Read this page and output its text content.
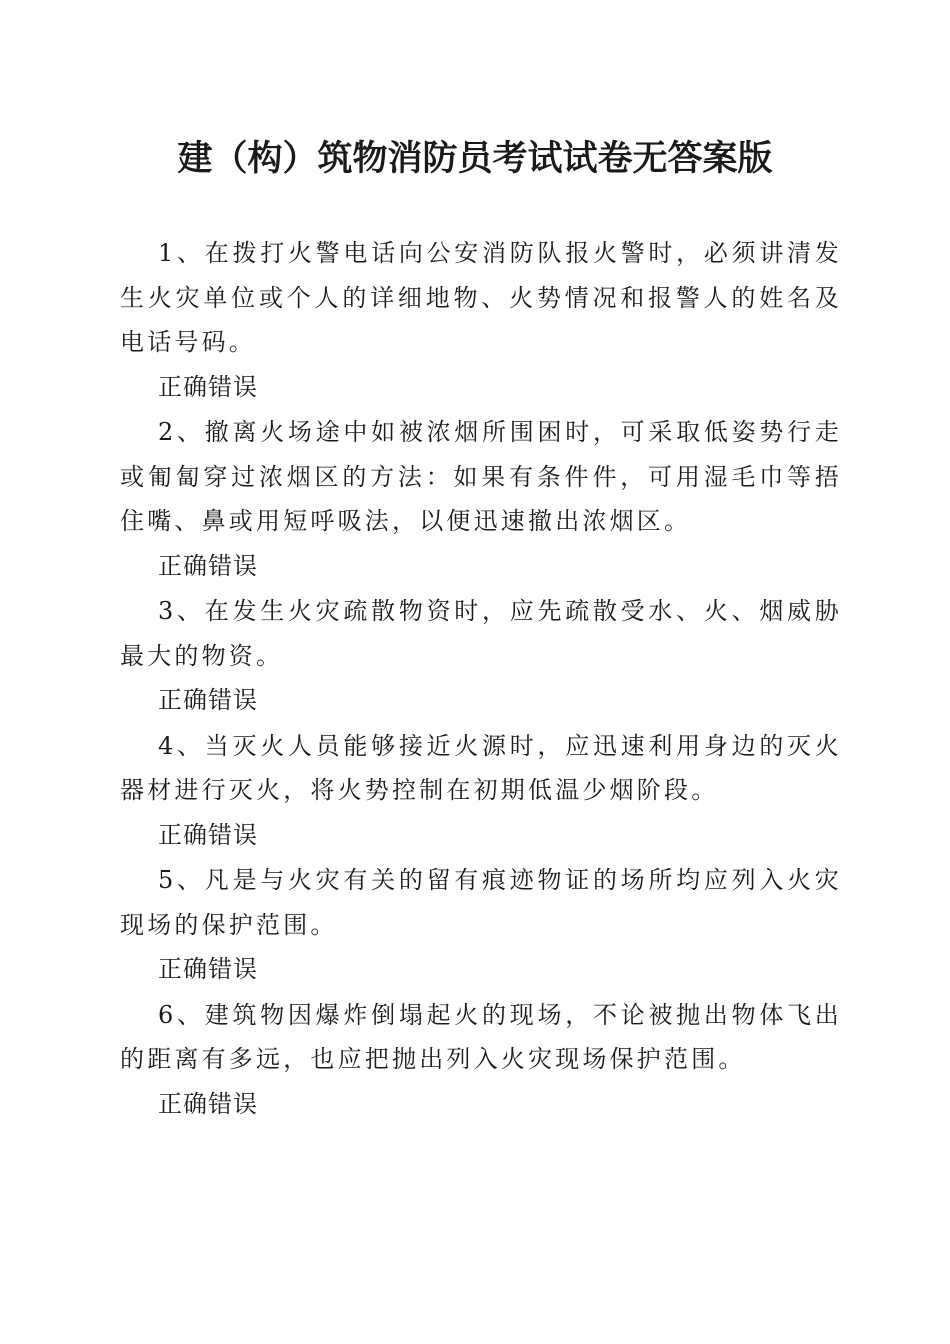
建（构）筑物消防员考试试卷无答案版

1、在拨打火警电话向公安消防队报火警时，必须讲清发生火灾单位或个人的详细地物、火势情况和报警人的姓名及电话号码。

正确错误

2、撤离火场途中如被浓烟所围困时，可采取低姿势行走或匍匐穿过浓烟区的方法：如果有条件件，可用湿毛巾等捂住嘴、鼻或用短呼吸法，以便迅速撤出浓烟区。

正确错误

3、在发生火灾疏散物资时，应先疏散受水、火、烟威胁最大的物资。

正确错误

4、当灭火人员能够接近火源时，应迅速利用身边的灭火器材进行灭火，将火势控制在初期低温少烟阶段。

正确错误

5、凡是与火灾有关的留有痕迹物证的场所均应列入火灾现场的保护范围。

正确错误

6、建筑物因爆炸倒塌起火的现场，不论被抛出物体飞出的距离有多远，也应把抛出列入火灾现场保护范围。

正确错误
